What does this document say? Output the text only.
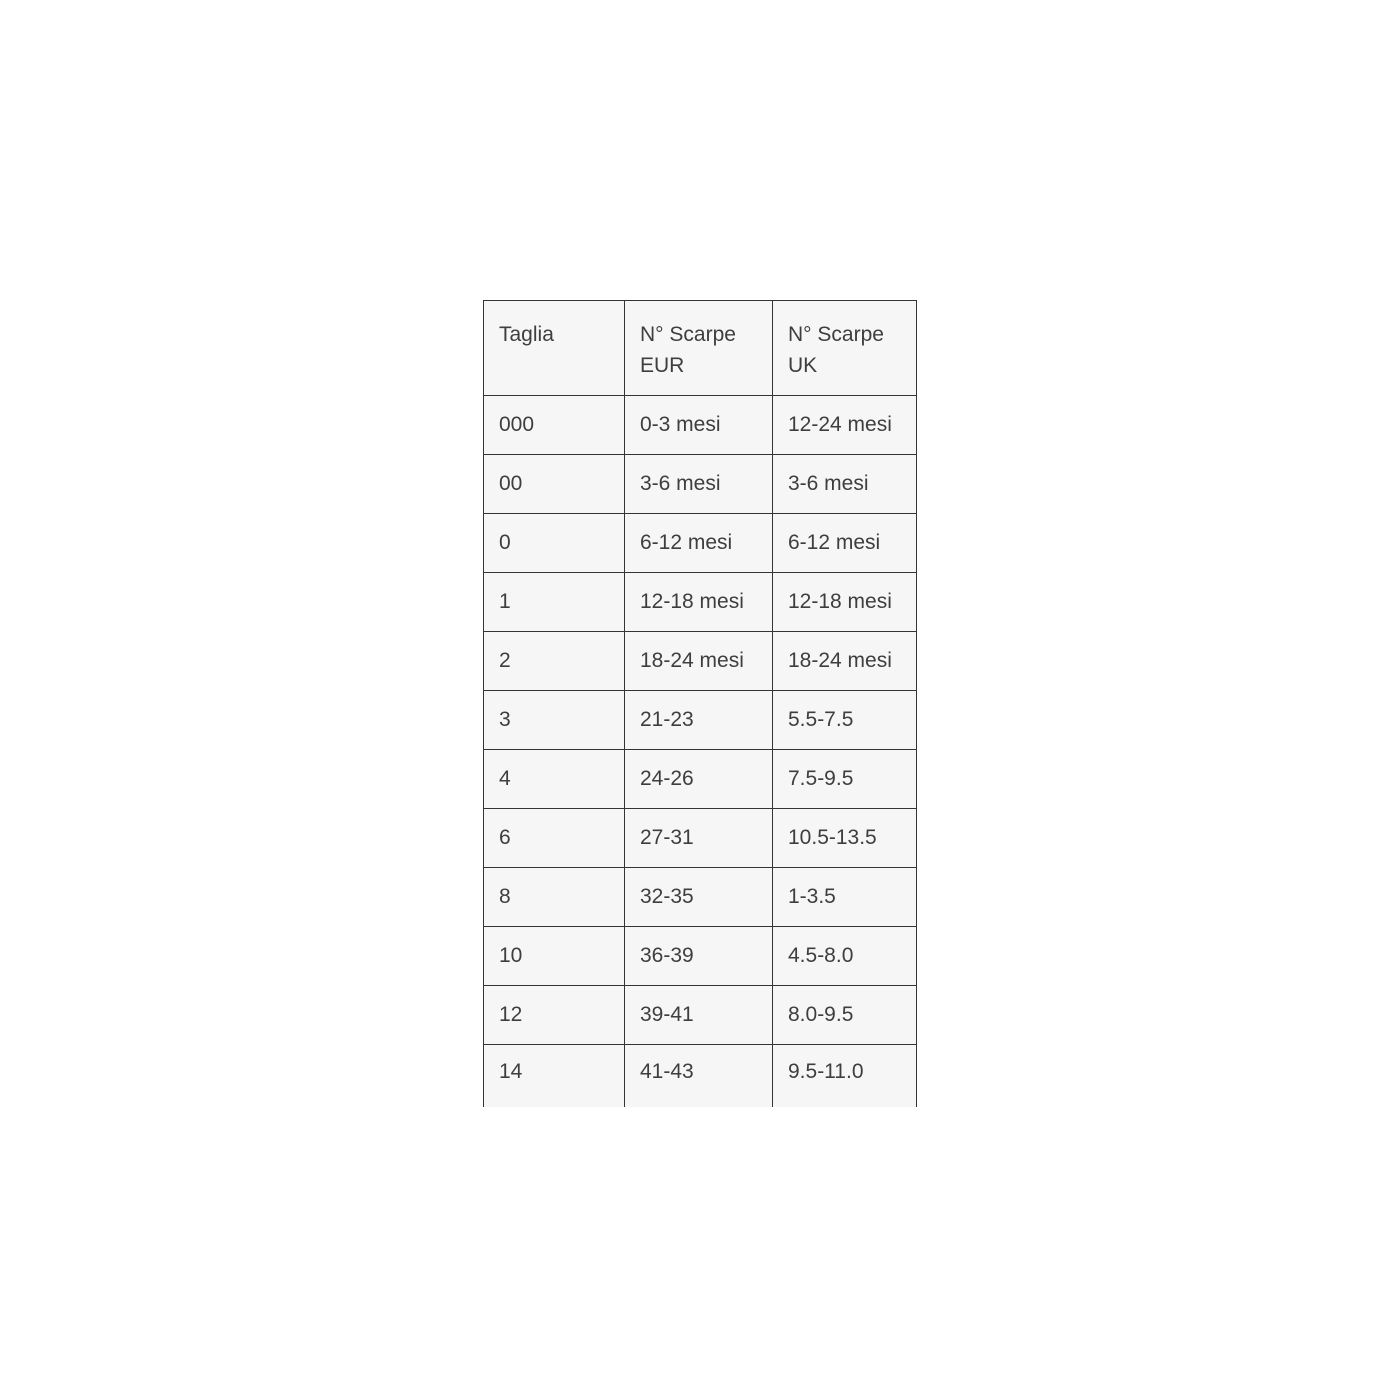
Taglia	N° Scarpe EUR	N° Scarpe UK
000	0-3 mesi	12-24 mesi
00	3-6 mesi	3-6 mesi
0	6-12 mesi	6-12 mesi
1	12-18 mesi	12-18 mesi
2	18-24 mesi	18-24 mesi
3	21-23	5.5-7.5
4	24-26	7.5-9.5
6	27-31	10.5-13.5
8	32-35	1-3.5
10	36-39	4.5-8.0
12	39-41	8.0-9.5
14	41-43	9.5-11.0
